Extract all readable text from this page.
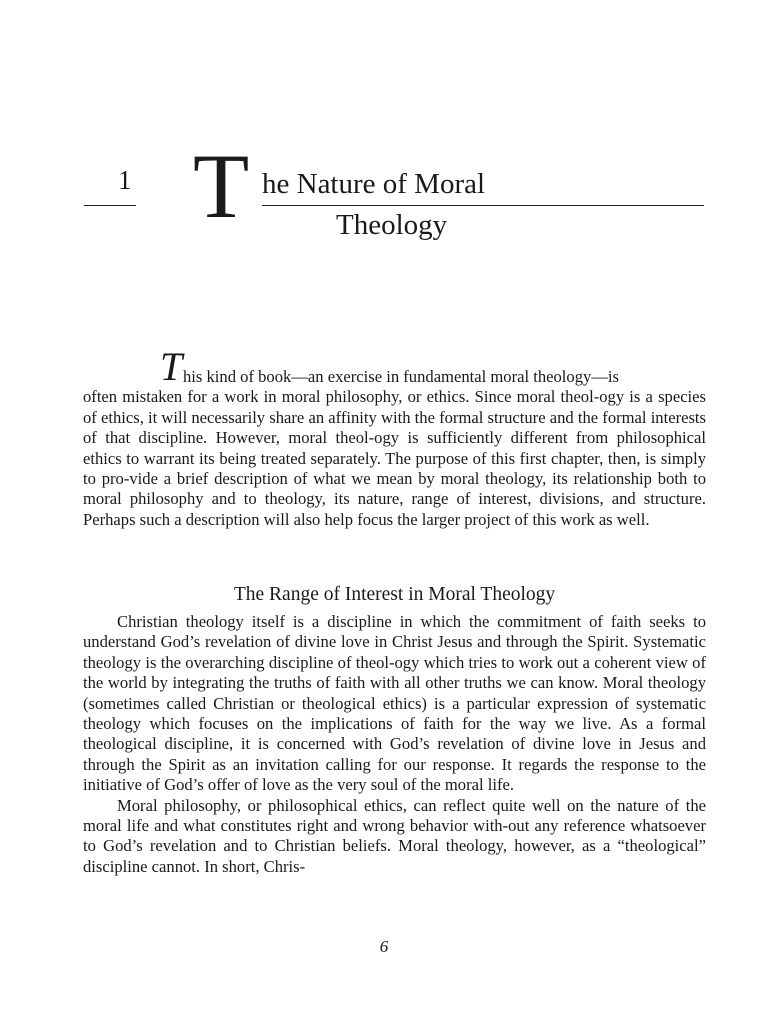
1 T he Nature of Moral
Theology

T his kind of book—an exercise in fundamental moral theology—is

often mistaken for a work in moral philosophy, or ethics. Since moral theol-ogy is a species of ethics, it will necessarily share an affinity with the formal structure and the formal interests of that discipline. However, moral theol-ogy is sufficiently different from philosophical ethics to warrant its being treated separately. The purpose of this first chapter, then, is simply to pro-vide a brief description of what we mean by moral theology, its relationship both to moral philosophy and to theology, its nature, range of interest, divisions, and structure. Perhaps such a description will also help focus the larger project of this work as well.

The Range of Interest in Moral Theology

Christian theology itself is a discipline in which the commitment of faith seeks to understand God’s revelation of divine love in Christ Jesus and through the Spirit. Systematic theology is the overarching discipline of theol-ogy which tries to work out a coherent view of the world by integrating the truths of faith with all other truths we can know. Moral theology (sometimes called Christian or theological ethics) is a particular expression of systematic theology which focuses on the implications of faith for the way we live. As a formal theological discipline, it is concerned with God’s revelation of divine love in Jesus and through the Spirit as an invitation calling for our response. It regards the response to the initiative of God’s offer of love as the very soul of the moral life.

Moral philosophy, or philosophical ethics, can reflect quite well on the nature of the moral life and what constitutes right and wrong behavior with-out any reference whatsoever to God’s revelation and to Christian beliefs. Moral theology, however, as a “theological” discipline cannot. In short, Chris-

6
